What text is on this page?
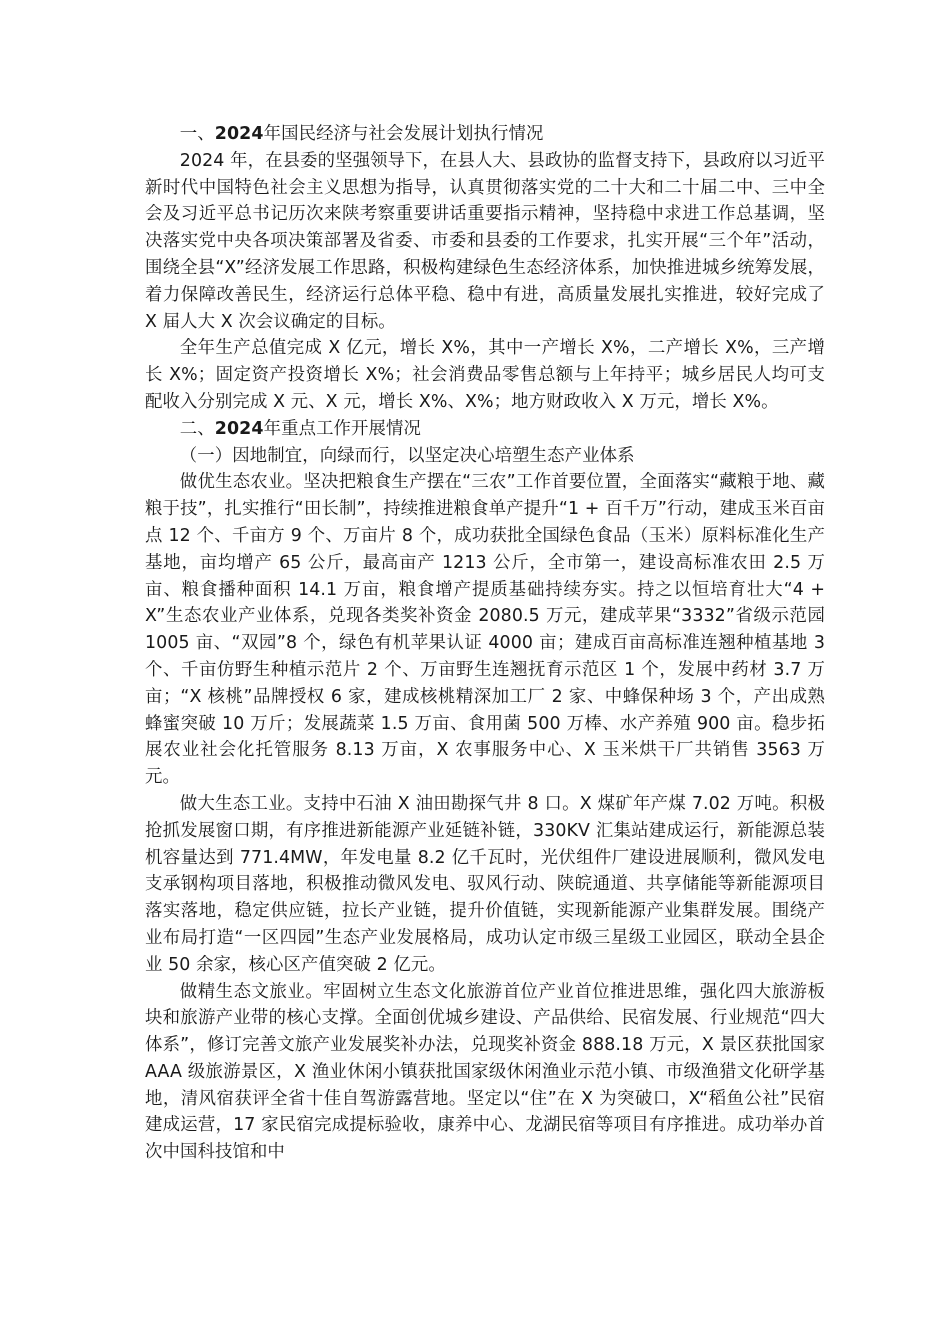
一、2024年国民经济与社会发展计划执行情况

2024 年，在县委的坚强领导下，在县人大、县政协的监督支持下，县政府以习近平新时代中国特色社会主义思想为指导，认真贯彻落实党的二十大和二十届二中、三中全会及习近平总书记历次来陕考察重要讲话重要指示精神，坚持稳中求进工作总基调，坚决落实党中央各项决策部署及省委、市委和县委的工作要求，扎实开展“三个年”活动，围绕全县“X”经济发展工作思路，积极构建绿色生态经济体系，加快推进城乡统筹发展，着力保障改善民生，经济运行总体平稳、稳中有进，高质量发展扎实推进，较好完成了 X 届人大 X 次会议确定的目标。

全年生产总值完成 X 亿元，增长 X%，其中一产增长 X%，二产增长 X%，三产增长 X%；固定资产投资增长 X%；社会消费品零售总额与上年持平；城乡居民人均可支配收入分别完成 X 元、X 元，增长 X%、X%；地方财政收入 X 万元，增长 X%。

二、2024年重点工作开展情况

（一）因地制宜，向绿而行，以坚定决心培塑生态产业体系

做优生态农业。坚决把粮食生产摆在“三农”工作首要位置，全面落实“藏粮于地、藏粮于技”，扎实推行“田长制”，持续推进粮食单产提升“1 + 百千万”行动，建成玉米百亩点 12 个、千亩方 9 个、万亩片 8 个，成功获批全国绿色食品（玉米）原料标准化生产基地，亩均增产 65 公斤，最高亩产 1213 公斤，全市第一，建设高标准农田 2.5 万亩、粮食播种面积 14.1 万亩，粮食增产提质基础持续夯实。持之以恒培育壮大“4 + X”生态农业产业体系，兑现各类奖补资金 2080.5 万元，建成苹果“3332”省级示范园 1005 亩、“双园”8 个，绿色有机苹果认证 4000 亩；建成百亩高标准连翘种植基地 3 个、千亩仿野生种植示范片 2 个、万亩野生连翘抚育示范区 1 个，发展中药材 3.7 万亩；“X 核桃”品牌授权 6 家，建成核桃精深加工厂 2 家、中蜂保种场 3 个，产出成熟蜂蜜突破 10 万斤；发展蔬菜 1.5 万亩、食用菌 500 万棒、水产养殖 900 亩。稳步拓展农业社会化托管服务 8.13 万亩，X 农事服务中心、X 玉米烘干厂共销售 3563 万元。

做大生态工业。支持中石油 X 油田勘探气井 8 口。X 煤矿年产煤 7.02 万吨。积极抢抓发展窗口期，有序推进新能源产业延链补链，330KV 汇集站建成运行，新能源总装机容量达到 771.4MW，年发电量 8.2 亿千瓦时，光伏组件厂建设进展顺利，微风发电支承钢构项目落地，积极推动微风发电、驭风行动、陕皖通道、共享储能等新能源项目落实落地，稳定供应链，拉长产业链，提升价值链，实现新能源产业集群发展。围绕产业布局打造“一区四园”生态产业发展格局，成功认定市级三星级工业园区，联动全县企业 50 余家，核心区产值突破 2 亿元。

做精生态文旅业。牢固树立生态文化旅游首位产业首位推进思维，强化四大旅游板块和旅游产业带的核心支撑。全面创优城乡建设、产品供给、民宿发展、行业规范“四大体系”，修订完善文旅产业发展奖补办法，兑现奖补资金 888.18 万元，X 景区获批国家 AAA 级旅游景区，X 渔业休闲小镇获批国家级休闲渔业示范小镇、市级渔猎文化研学基地，清风宿获评全省十佳自驾游露营地。坚定以“住”在 X 为突破口，X“稻鱼公社”民宿建成运营，17 家民宿完成提标验收，康养中心、龙湖民宿等项目有序推进。成功举办首次中国科技馆和中
